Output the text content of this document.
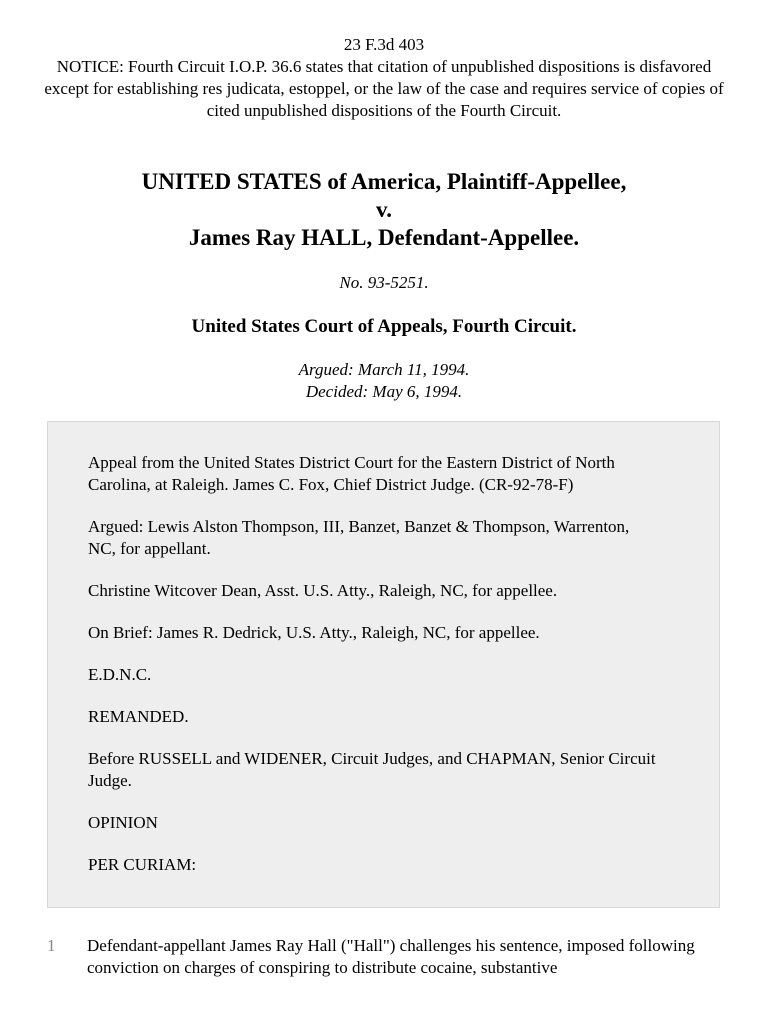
23 F.3d 403
NOTICE: Fourth Circuit I.O.P. 36.6 states that citation of unpublished dispositions is disfavored except for establishing res judicata, estoppel, or the law of the case and requires service of copies of cited unpublished dispositions of the Fourth Circuit.
UNITED STATES of America, Plaintiff-Appellee,
v.
James Ray HALL, Defendant-Appellee.
No. 93-5251.
United States Court of Appeals, Fourth Circuit.
Argued: March 11, 1994.
Decided: May 6, 1994.

Appeal from the United States District Court for the Eastern District of North Carolina, at Raleigh. James C. Fox, Chief District Judge. (CR-92-78-F)

Argued: Lewis Alston Thompson, III, Banzet, Banzet & Thompson, Warrenton, NC, for appellant.

Christine Witcover Dean, Asst. U.S. Atty., Raleigh, NC, for appellee.

On Brief: James R. Dedrick, U.S. Atty., Raleigh, NC, for appellee.

E.D.N.C.

REMANDED.

Before RUSSELL and WIDENER, Circuit Judges, and CHAPMAN, Senior Circuit Judge.

OPINION

PER CURIAM:

1 Defendant-appellant James Ray Hall ("Hall") challenges his sentence, imposed following conviction on charges of conspiring to distribute cocaine, substantive
